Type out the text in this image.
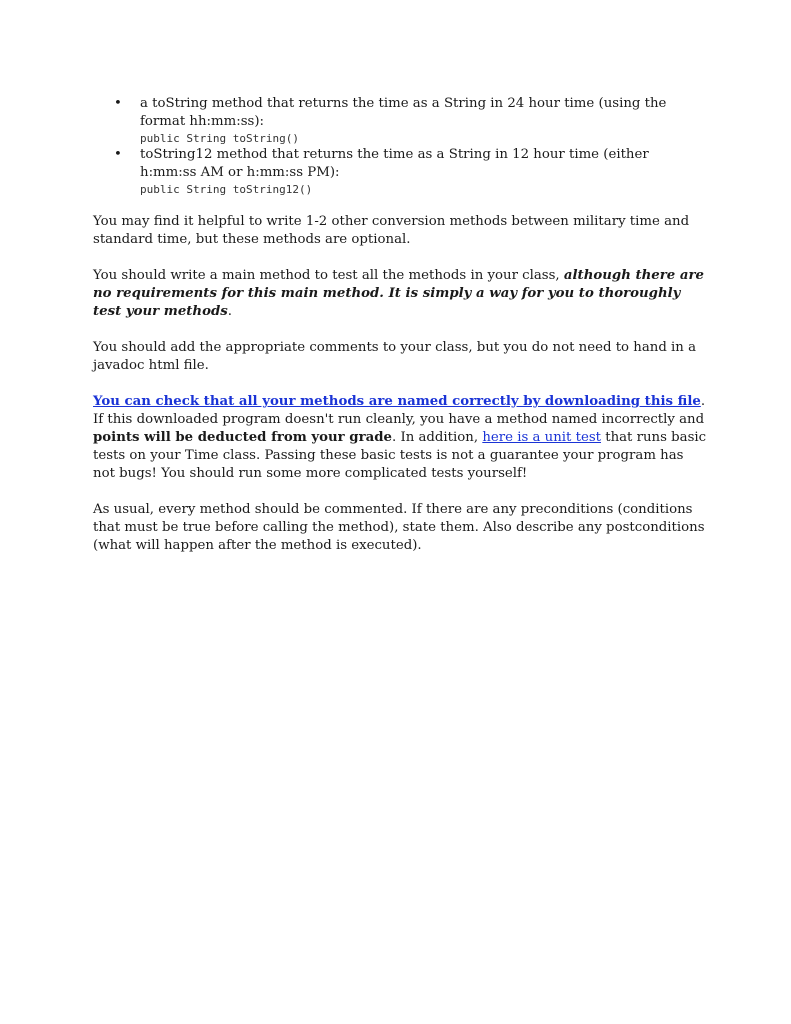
• a toString method that returns the time as a String in 24 hour time (using the format hh:mm:ss):
public String toString()
• toString12 method that returns the time as a String in 12 hour time (either h:mm:ss AM or h:mm:ss PM):
public String toString12()

You may find it helpful to write 1-2 other conversion methods between military time and standard time, but these methods are optional.

You should write a main method to test all the methods in your class, although there are no requirements for this main method. It is simply a way for you to thoroughly test your methods.

You should add the appropriate comments to your class, but you do not need to hand in a javadoc html file.

You can check that all your methods are named correctly by downloading this file. If this downloaded program doesn't run cleanly, you have a method named incorrectly and points will be deducted from your grade. In addition, here is a unit test that runs basic tests on your Time class. Passing these basic tests is not a guarantee your program has not bugs! You should run some more complicated tests yourself!

As usual, every method should be commented. If there are any preconditions (conditions that must be true before calling the method), state them. Also describe any postconditions (what will happen after the method is executed).
